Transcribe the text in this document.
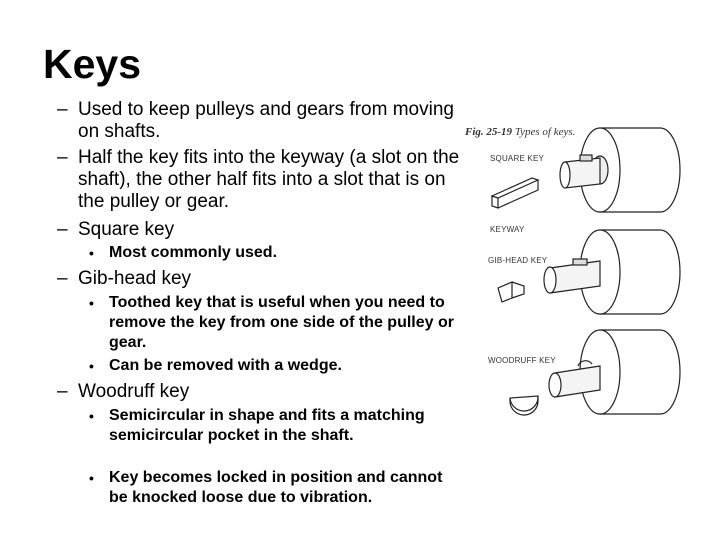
Keys
– Used to keep pulleys and gears from moving on shafts.
– Half the key fits into the keyway (a slot on the shaft), the other half fits into a slot that is on the pulley or gear.
– Square key
• Most commonly used.
– Gib-head key
• Toothed key that is useful when you need to remove the key from one side of the pulley or gear.
• Can be removed with a wedge.
– Woodruff key
• Semicircular in shape and fits a matching semicircular pocket in the shaft.
• Key becomes locked in position and cannot be knocked loose due to vibration.
Fig. 25-19 Types of keys.
SQUARE KEY
KEYWAY
GIB-HEAD KEY
WOODRUFF KEY
